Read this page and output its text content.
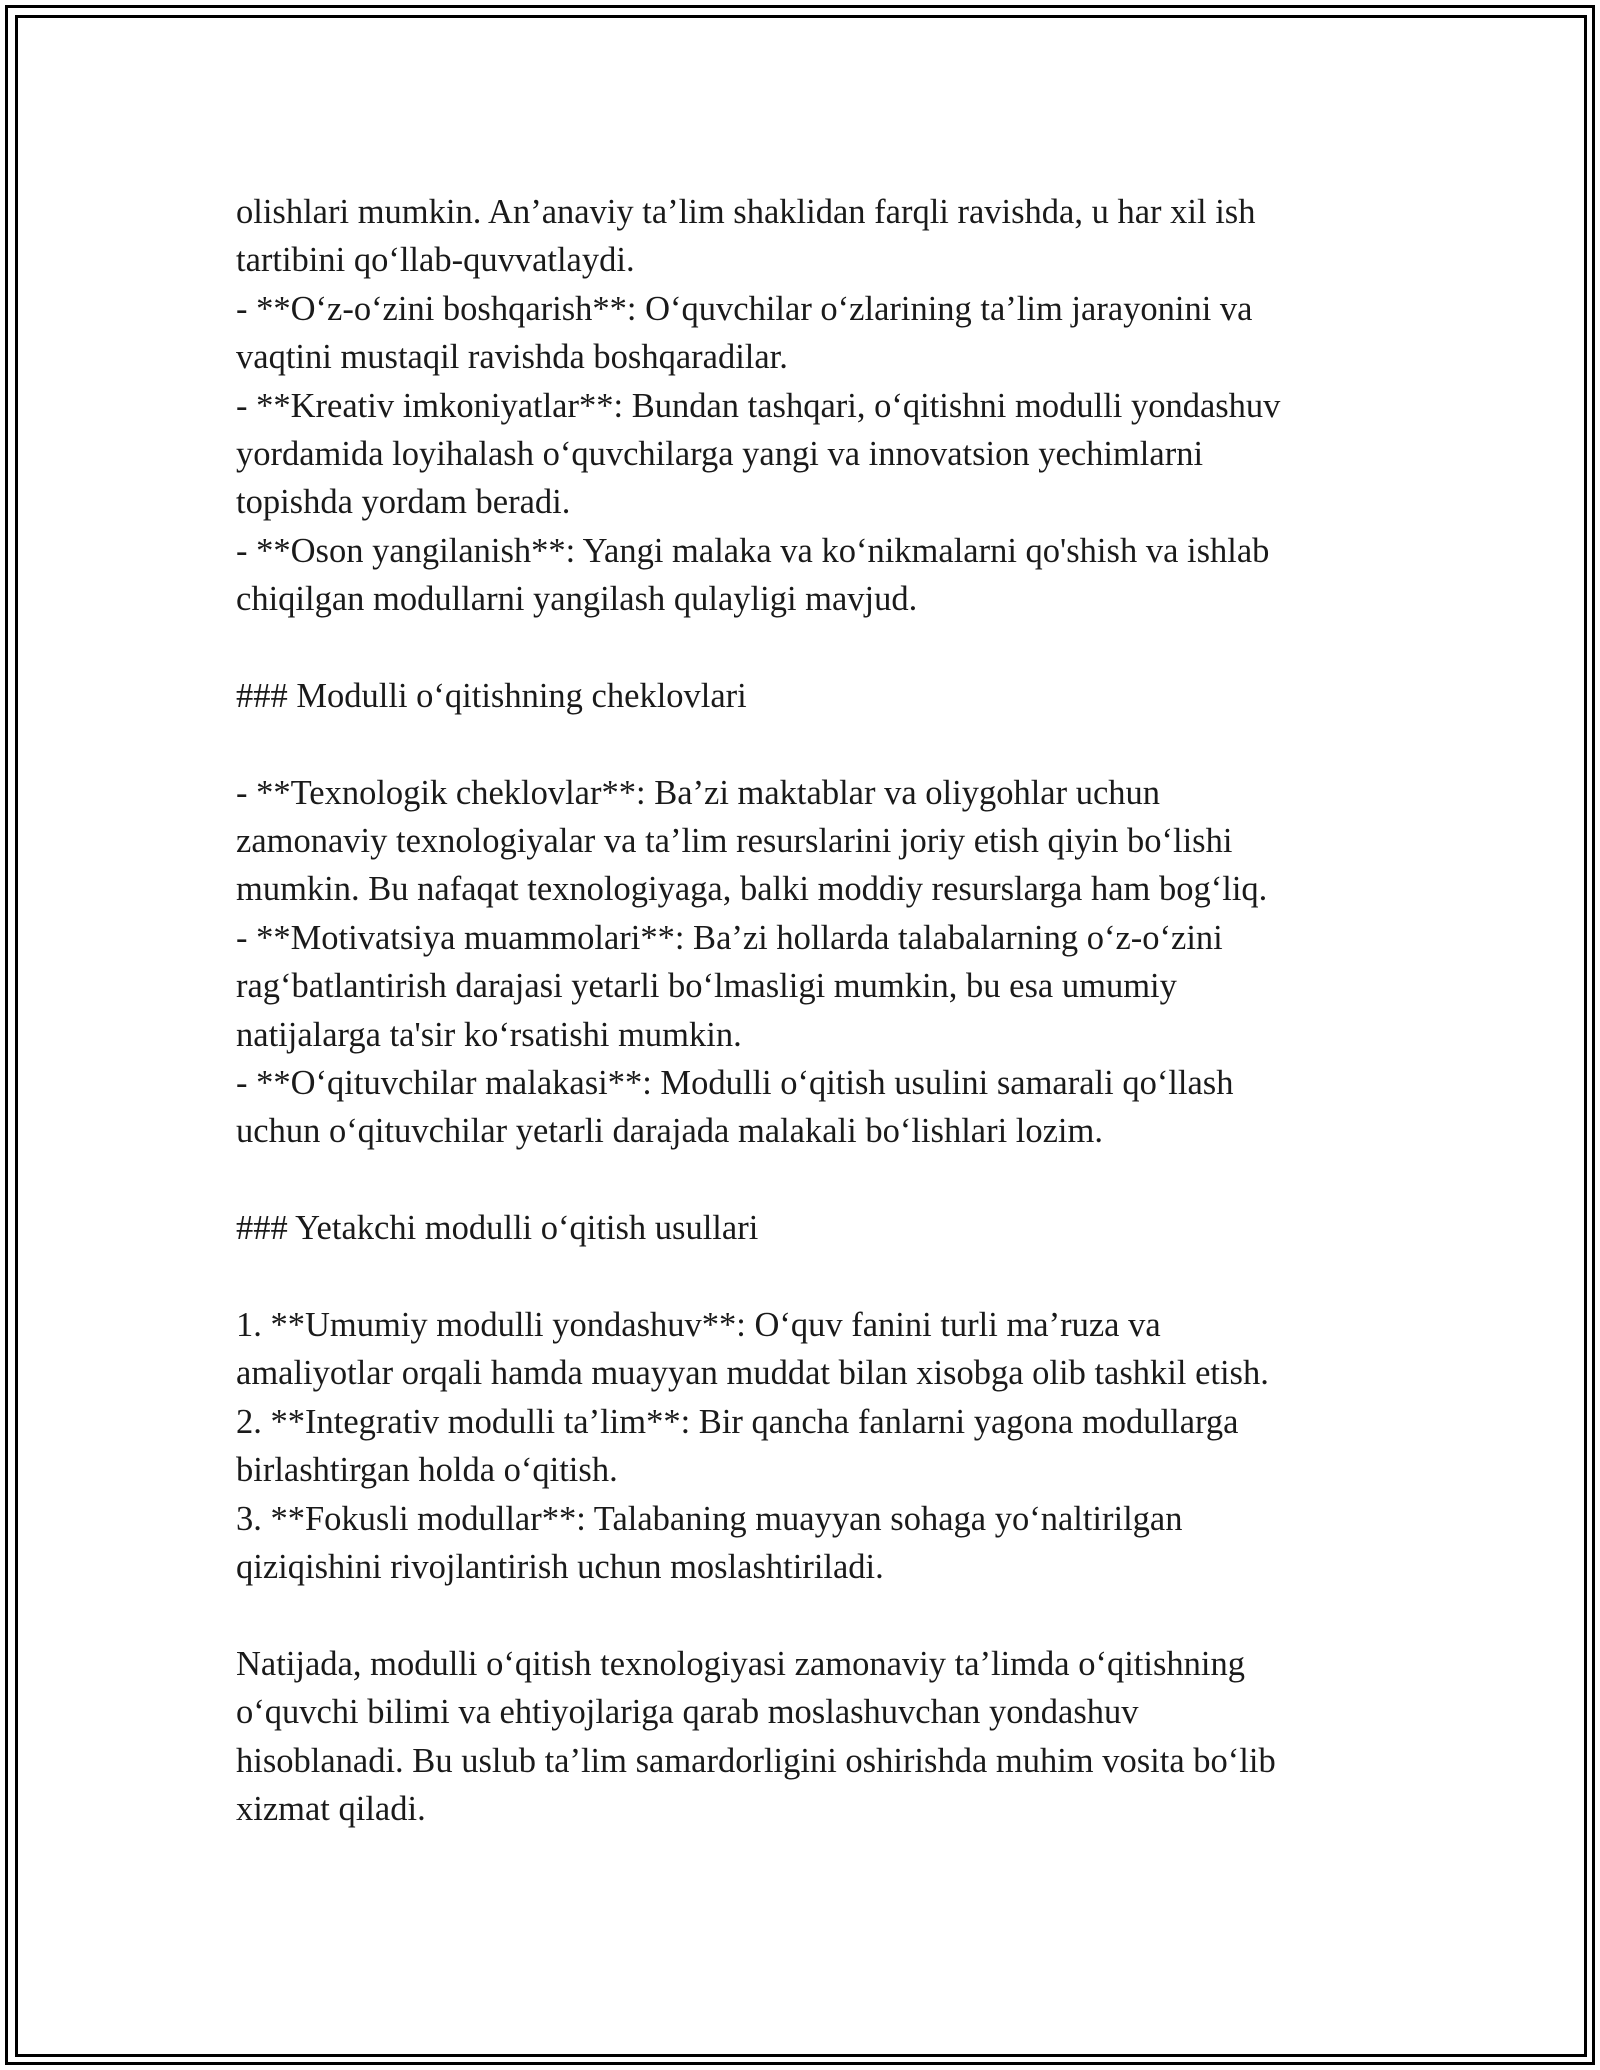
olishlari mumkin. An’anaviy ta’lim shaklidan farqli ravishda, u har xil ish
tartibini qo‘llab-quvvatlaydi.
- **O‘z-o‘zini boshqarish**: O‘quvchilar o‘zlarining ta’lim jarayonini va
vaqtini mustaqil ravishda boshqaradilar.
- **Kreativ imkoniyatlar**: Bundan tashqari, o‘qitishni modulli yondashuv
yordamida loyihalash o‘quvchilarga yangi va innovatsion yechimlarni
topishda yordam beradi.
- **Oson yangilanish**: Yangi malaka va ko‘nikmalarni qo'shish va ishlab
chiqilgan modullarni yangilash qulayligi mavjud.
### Modulli o‘qitishning cheklovlari
- **Texnologik cheklovlar**: Ba’zi maktablar va oliygohlar uchun
zamonaviy texnologiyalar va ta’lim resurslarini joriy etish qiyin bo‘lishi
mumkin. Bu nafaqat texnologiyaga, balki moddiy resurslarga ham bog‘liq.
- **Motivatsiya muammolari**: Ba’zi hollarda talabalarning o‘z-o‘zini
rag‘batlantirish darajasi yetarli bo‘lmasligi mumkin, bu esa umumiy
natijalarga ta'sir ko‘rsatishi mumkin.
- **O‘qituvchilar malakasi**: Modulli o‘qitish usulini samarali qo‘llash
uchun o‘qituvchilar yetarli darajada malakali bo‘lishlari lozim.
### Yetakchi modulli o‘qitish usullari
1. **Umumiy modulli yondashuv**: O‘quv fanini turli ma’ruza va
amaliyotlar orqali hamda muayyan muddat bilan xisobga olib tashkil etish.
2. **Integrativ modulli ta’lim**: Bir qancha fanlarni yagona modullarga
birlashtirgan holda o‘qitish.
3. **Fokusli modullar**: Talabaning muayyan sohaga yo‘naltirilgan
qiziqishini rivojlantirish uchun moslashtiriladi.
Natijada, modulli o‘qitish texnologiyasi zamonaviy ta’limda o‘qitishning
o‘quvchi bilimi va ehtiyojlariga qarab moslashuvchan yondashuv
hisoblanadi. Bu uslub ta’lim samardorligini oshirishda muhim vosita bo‘lib
xizmat qiladi.
